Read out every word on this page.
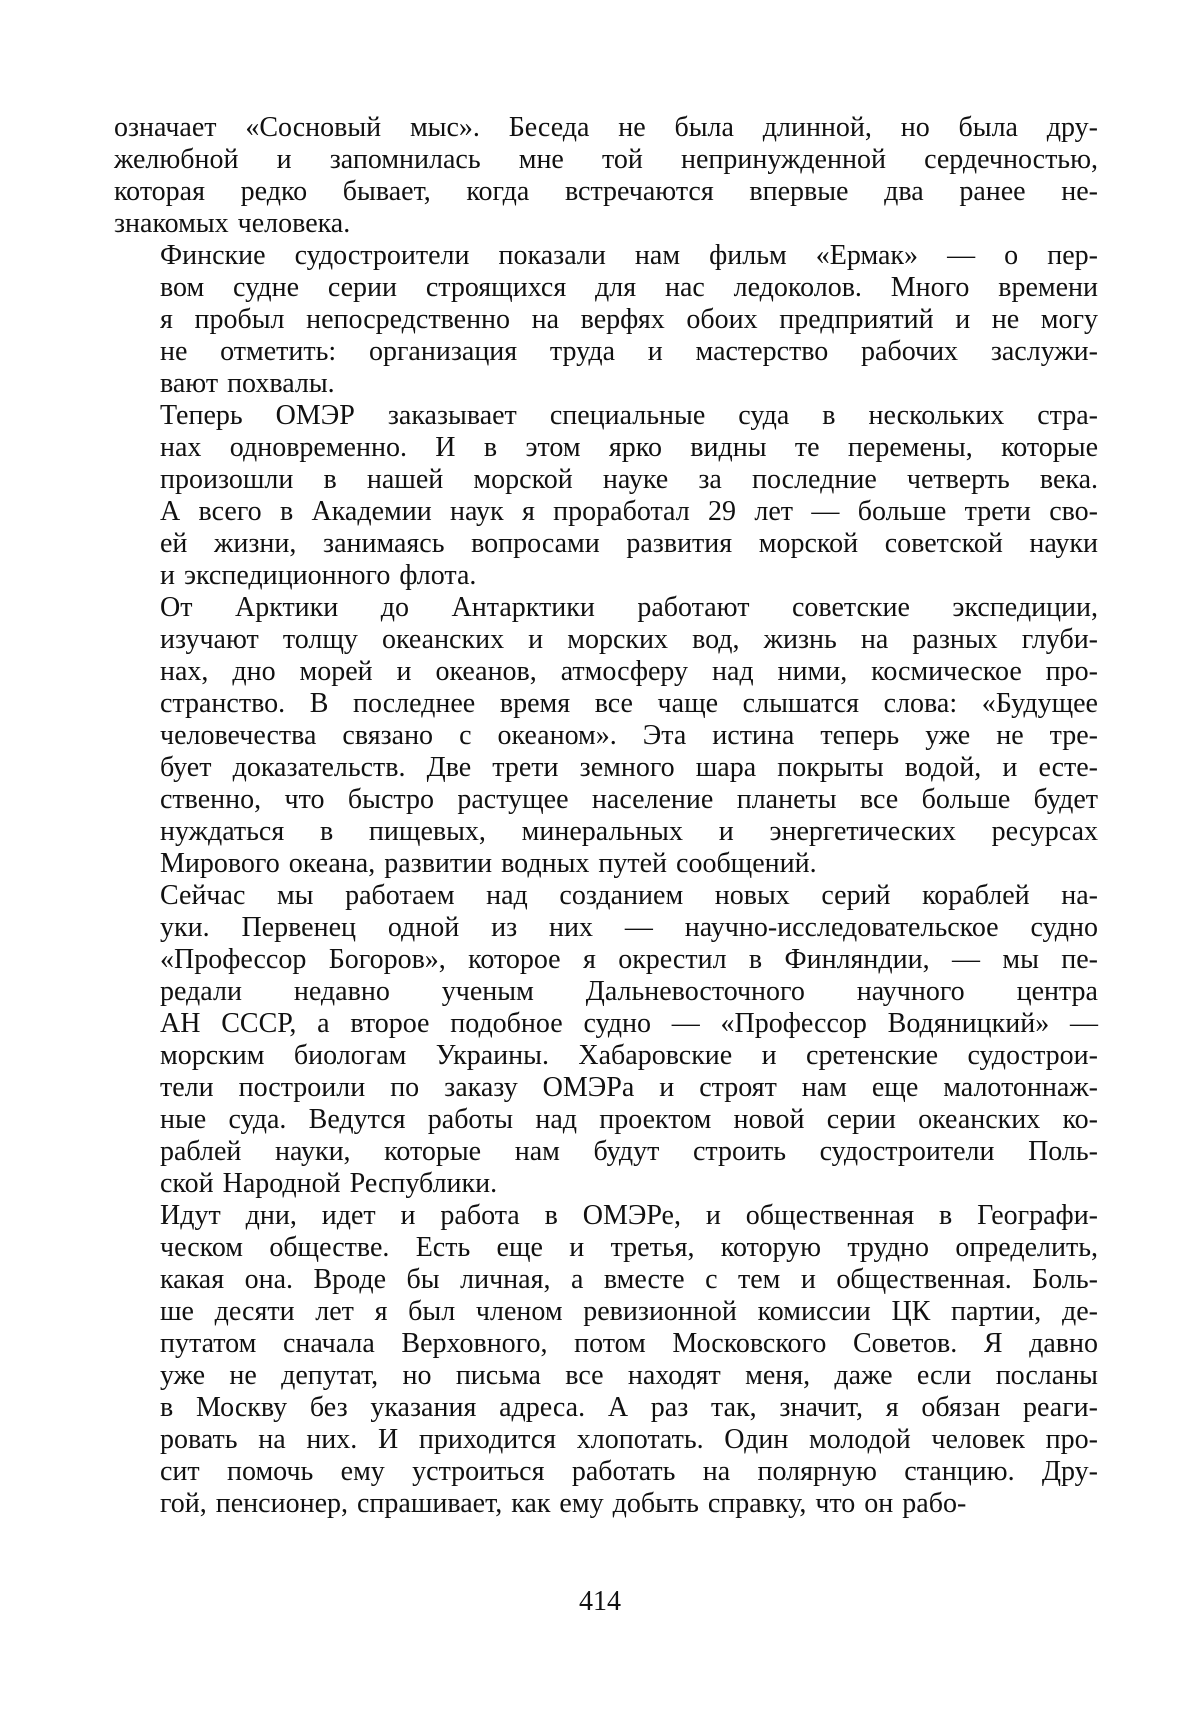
означает «Сосновый мыс». Беседа не была длинной, но была дру-
желюбной и запомнилась мне той непринужденной сердечностью,
которая редко бывает, когда встречаются впервые два ранее не-
знакомых человека.
Финские судостроители показали нам фильм «Ермак» — о пер-
вом судне серии строящихся для нас ледоколов. Много времени
я пробыл непосредственно на верфях обоих предприятий и не могу
не отметить: организация труда и мастерство рабочих заслужи-
вают похвалы.
Теперь ОМЭР заказывает специальные суда в нескольких стра-
нах одновременно. И в этом ярко видны те перемены, которые
произошли в нашей морской науке за последние четверть века.
А всего в Академии наук я проработал 29 лет — больше трети сво-
ей жизни, занимаясь вопросами развития морской советской науки
и экспедиционного флота.
От Арктики до Антарктики работают советские экспедиции,
изучают толщу океанских и морских вод, жизнь на разных глуби-
нах, дно морей и океанов, атмосферу над ними, космическое про-
странство. В последнее время все чаще слышатся слова: «Будущее
человечества связано с океаном». Эта истина теперь уже не тре-
бует доказательств. Две трети земного шара покрыты водой, и есте-
ственно, что быстро растущее население планеты все больше будет
нуждаться в пищевых, минеральных и энергетических ресурсах
Мирового океана, развитии водных путей сообщений.
Сейчас мы работаем над созданием новых серий кораблей на-
уки. Первенец одной из них — научно-исследовательское судно
«Профессор Богоров», которое я окрестил в Финляндии, — мы пе-
редали недавно ученым Дальневосточного научного центра
АН СССР, а второе подобное судно — «Профессор Водяницкий» —
морским биологам Украины. Хабаровские и сретенские судострои-
тели построили по заказу ОМЭРа и строят нам еще малотоннаж-
ные суда. Ведутся работы над проектом новой серии океанских ко-
раблей науки, которые нам будут строить судостроители Поль-
ской Народной Республики.
Идут дни, идет и работа в ОМЭРе, и общественная в Географи-
ческом обществе. Есть еще и третья, которую трудно определить,
какая она. Вроде бы личная, а вместе с тем и общественная. Боль-
ше десяти лет я был членом ревизионной комиссии ЦК партии, де-
путатом сначала Верховного, потом Московского Советов. Я давно
уже не депутат, но письма все находят меня, даже если посланы
в Москву без указания адреса. А раз так, значит, я обязан реаги-
ровать на них. И приходится хлопотать. Один молодой человек про-
сит помочь ему устроиться работать на полярную станцию. Дру-
гой, пенсионер, спрашивает, как ему добыть справку, что он рабо-
414
